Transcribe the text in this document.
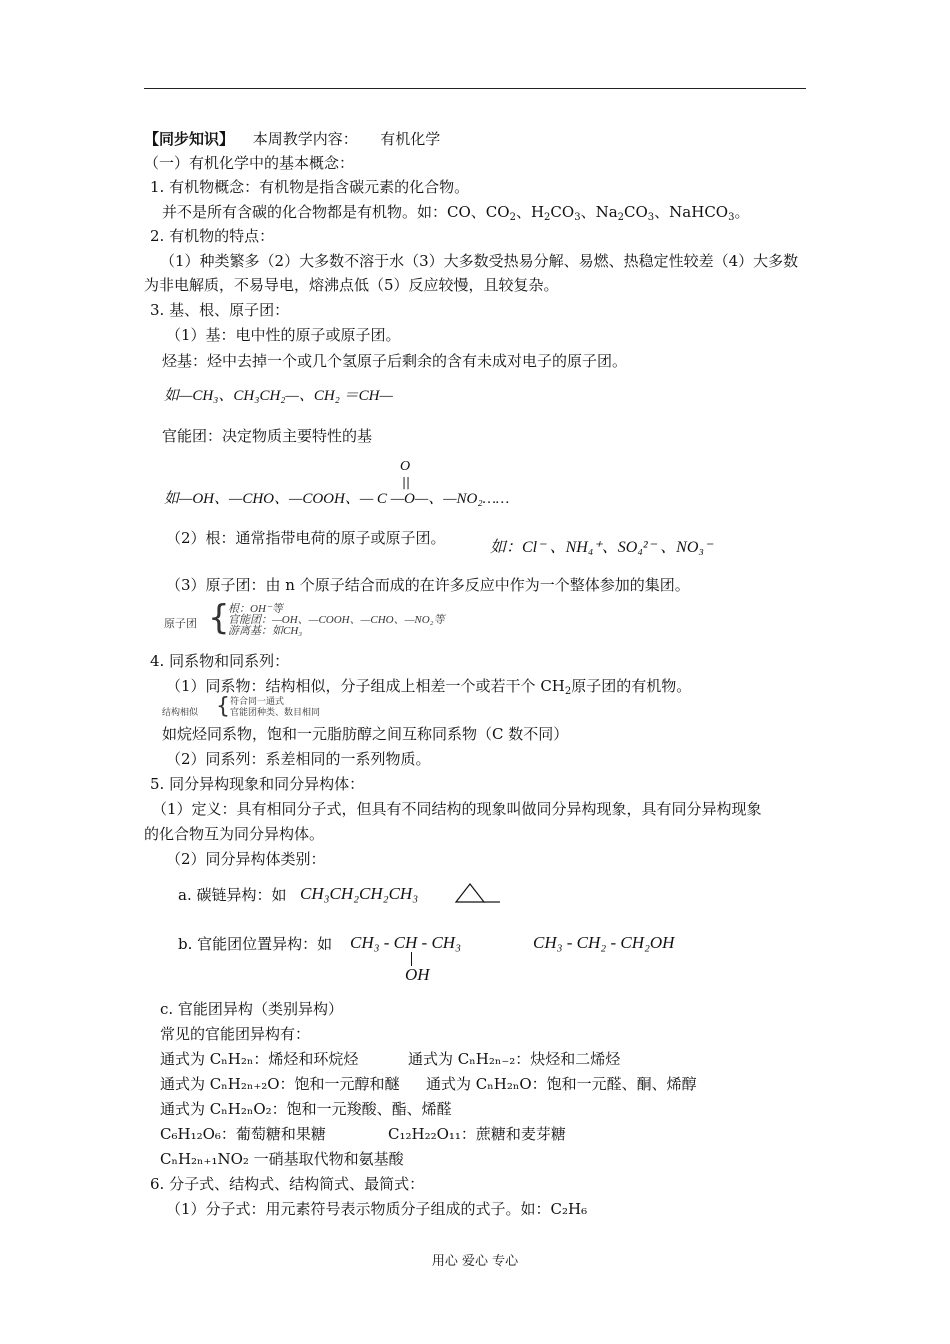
【同步知识】 本周教学内容：　　有机化学
（一）有机化学中的基本概念：
1. 有机物概念：有机物是指含碳元素的化合物。
并不是所有含碳的化合物都是有机物。如：CO、$CO_2$、$H_2CO_3$、$Na_2CO_3$、NaHCO$_3$。
2. 有机物的特点：
（1）种类繁多（2）大多数不溶于水（3）大多数受热易分解、易燃、热稳定性较差（4）大多数
为非电解质，不易导电，熔沸点低（5）反应较慢，且较复杂。
3. 基、根、原子团：
（1）基：电中性的原子或原子团。
烃基：烃中去掉一个或几个氢原子后剩余的含有未成对电子的原子团。
如—CH₃、CH₃CH₂—、CH₂ ＝CH—
官能团：决定物质主要特性的基
O
||
如—OH、—CHO、—COOH、— C —O—、—NO₂……
（2）根：通常指带电荷的原子或原子团。
如：Cl⁻ 、NH₄⁺、SO₄²⁻ 、NO₃⁻
（3）原子团：由 n 个原子结合而成的在许多反应中作为一个整体参加的集团。
原子团 {
根：OH⁻等
官能团：—OH、—COOH、—CHO、—NO₂等
游离基：如CH₃
4. 同系物和同系列：
（1）同系物：结构相似，分子组成上相差一个或若干个 $CH_2$原子团的有机物。
结构相似 { 符合同一通式
官能团种类、数目相同
如烷烃同系物，饱和一元脂肪醇之间互称同系物（C 数不同）
（2）同系列：系差相同的一系列物质。
5. 同分异构现象和同分异构体：
（1）定义：具有相同分子式，但具有不同结构的现象叫做同分异构现象，具有同分异构现象
的化合物互为同分异构体。
（2）同分异构体类别：
a. 碳链异构：如 CH₃CH₂CH₂CH₃
b. 官能团位置异构：如 CH₃ - CH - CH₃
OH
CH₃ - CH₂ - CH₂OH
c. 官能团异构（类别异构）
常见的官能团异构有：
通式为 CₙH₂ₙ：烯烃和环烷烃	通式为 CₙH₂ₙ₋₂：炔烃和二烯烃
通式为 CₙH₂ₙ₊₂O：饱和一元醇和醚 通式为 CₙH₂ₙO：饱和一元醛、酮、烯醇
通式为 CₙH₂ₙO₂：饱和一元羧酸、酯、烯醛
C₆H₁₂O₆：葡萄糖和果糖	C₁₂H₂₂O₁₁：蔗糖和麦芽糖
CₙH₂ₙ₊₁NO₂ 一硝基取代物和氨基酸
6. 分子式、结构式、结构简式、最简式：
（1）分子式：用元素符号表示物质分子组成的式子。如：C₂H₆
用心 爱心 专心
